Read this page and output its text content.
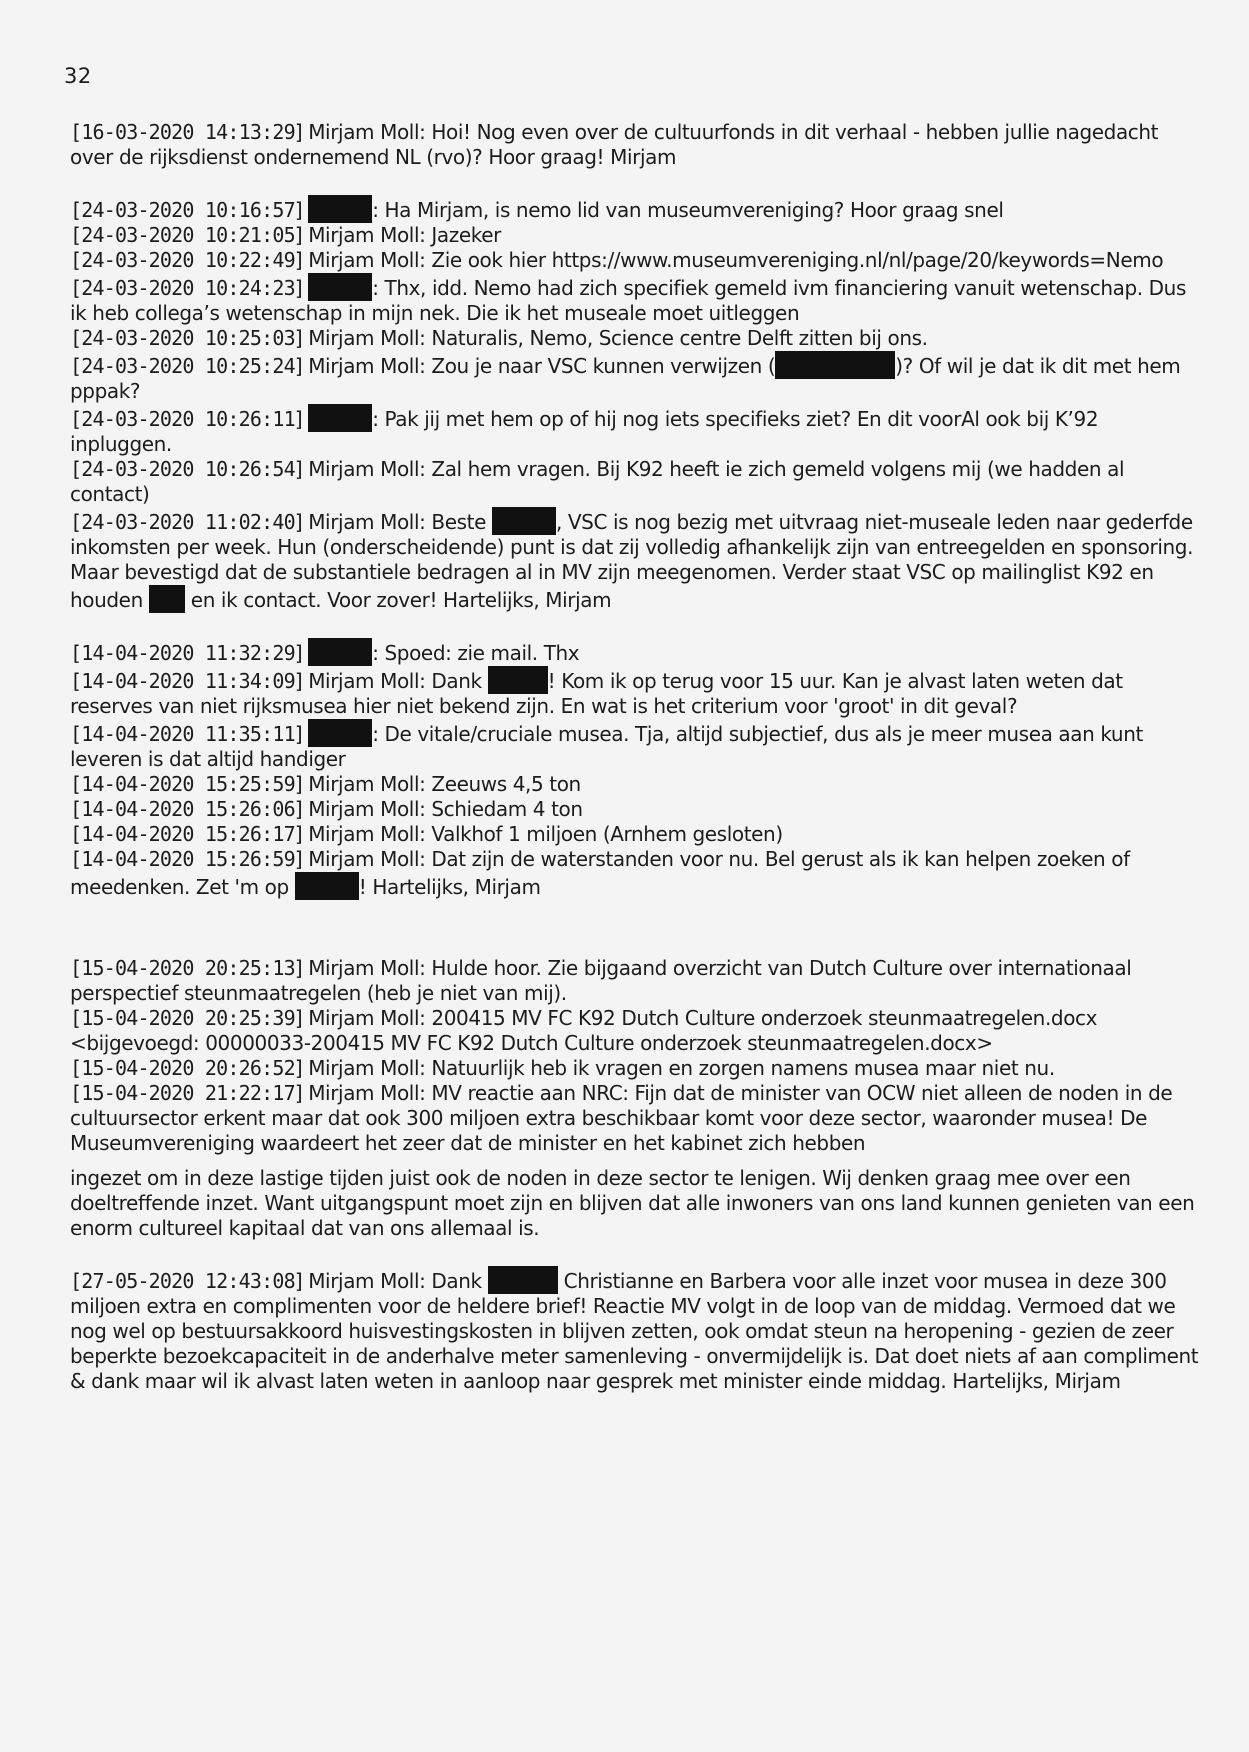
32

[16-03-2020 14:13:29] Mirjam Moll: Hoi! Nog even over de cultuurfonds in dit verhaal - hebben jullie nagedacht over de rijksdienst ondernemend NL (rvo)? Hoor graag! Mirjam

[24-03-2020 10:16:57]	: Ha Mirjam, is nemo lid van museumvereniging? Hoor graag snel

[24-03-2020 10:21:05] Mirjam Moll: Jazeker

[24-03-2020 10:22:49] Mirjam Moll: Zie ook hier https://www.museumvereniging.nl/nl/page/20/keywords=Nemo

[24-03-2020 10:24:23]	: Thx, idd. Nemo had zich specifiek gemeld ivm financiering vanuit wetenschap. Dus ik heb collega’s wetenschap in mijn nek. Die ik het museale moet uitleggen

[24-03-2020 10:25:03] Mirjam Moll: Naturalis, Nemo, Science centre Delft zitten bij ons.

[24-03-2020 10:25:24] Mirjam Moll: Zou je naar VSC kunnen verwijzen (	)? Of wil je dat ik dit met hem pppak?

[24-03-2020 10:26:11]	: Pak jij met hem op of hij nog iets specifieks ziet? En dit voorAl ook bij K’92 inpluggen.

[24-03-2020 10:26:54] Mirjam Moll: Zal hem vragen. Bij K92 heeft ie zich gemeld volgens mij (we hadden al contact)

[24-03-2020 11:02:40] Mirjam Moll: Beste	, VSC is nog bezig met uitvraag niet-museale leden naar gederfde inkomsten per week. Hun (onderscheidende) punt is dat zij volledig afhankelijk zijn van entreegelden en sponsoring. Maar bevestigd dat de substantiele bedragen al in MV zijn meegenomen. Verder staat VSC op mailinglist K92 en houden  en ik contact. Voor zover! Hartelijks, Mirjam

[14-04-2020 11:32:29]	: Spoed: zie mail. Thx

[14-04-2020 11:34:09] Mirjam Moll: Dank	! Kom ik op terug voor 15 uur. Kan je alvast laten weten dat reserves van niet rijksmusea hier niet bekend zijn. En wat is het criterium voor 'groot' in dit geval?

[14-04-2020 11:35:11]	: De vitale/cruciale musea. Tja, altijd subjectief, dus als je meer musea aan kunt leveren is dat altijd handiger

[14-04-2020 15:25:59] Mirjam Moll: Zeeuws 4,5 ton

[14-04-2020 15:26:06] Mirjam Moll: Schiedam 4 ton

[14-04-2020 15:26:17] Mirjam Moll: Valkhof 1 miljoen (Arnhem gesloten)

[14-04-2020 15:26:59] Mirjam Moll: Dat zijn de waterstanden voor nu. Bel gerust als ik kan helpen zoeken of meedenken. Zet 'm op	! Hartelijks, Mirjam

[15-04-2020 20:25:13] Mirjam Moll: Hulde hoor. Zie bijgaand overzicht van Dutch Culture over internationaal perspectief steunmaatregelen (heb je niet van mij).

[15-04-2020 20:25:39] Mirjam Moll: 200415 MV FC K92 Dutch Culture onderzoek steunmaatregelen.docx <bijgevoegd: 00000033-200415 MV FC K92 Dutch Culture onderzoek steunmaatregelen.docx>

[15-04-2020 20:26:52] Mirjam Moll: Natuurlijk heb ik vragen en zorgen namens musea maar niet nu.

[15-04-2020 21:22:17] Mirjam Moll: MV reactie aan NRC: Fijn dat de minister van OCW niet alleen de noden in de cultuursector erkent maar dat ook 300 miljoen extra beschikbaar komt voor deze sector, waaronder musea! De Museumvereniging waardeert het zeer dat de minister en het kabinet zich hebben

ingezet om in deze lastige tijden juist ook de noden in deze sector te lenigen. Wij denken graag mee over een doeltreffende inzet. Want uitgangspunt moet zijn en blijven dat alle inwoners van ons land kunnen genieten van een enorm cultureel kapitaal dat van ons allemaal is.

[27-05-2020 12:43:08] Mirjam Moll: Dank	Christianne en Barbera voor alle inzet voor musea in deze 300 miljoen extra en complimenten voor de heldere brief! Reactie MV volgt in de loop van de middag. Vermoed dat we nog wel op bestuursakkoord huisvestingskosten in blijven zetten, ook omdat steun na heropening - gezien de zeer beperkte bezoekcapaciteit in de anderhalve meter samenleving - onvermijdelijk is. Dat doet niets af aan compliment & dank maar wil ik alvast laten weten in aanloop naar gesprek met minister einde middag. Hartelijks, Mirjam
